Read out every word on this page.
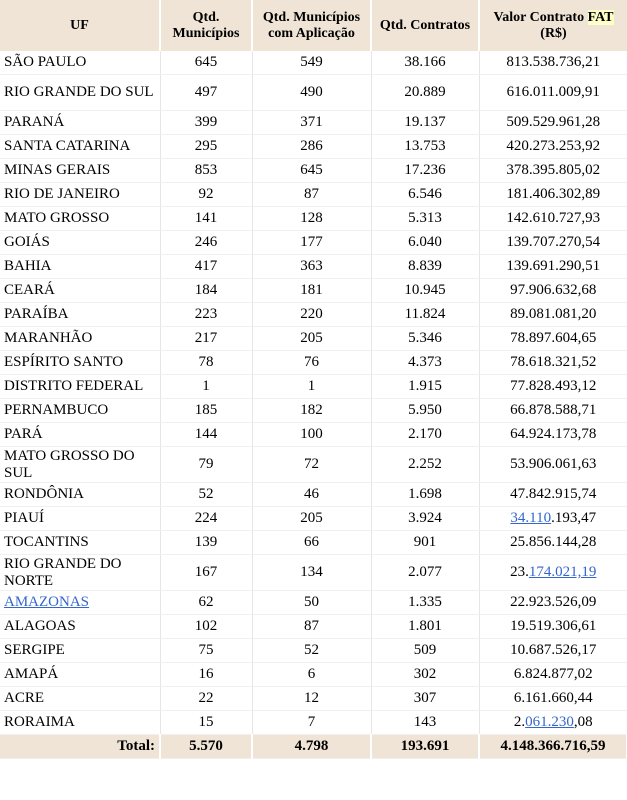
UF	Qtd. Municípios	Qtd. Municípios com Aplicação	Qtd. Contratos	Valor Contrato FAT
(R$)
SÃO PAULO	645	549	38.166	813.538.736,21
RIO GRANDE DO SUL	497	490	20.889	616.011.009,91
PARANÁ	399	371	19.137	509.529.961,28
SANTA CATARINA	295	286	13.753	420.273.253,92
MINAS GERAIS	853	645	17.236	378.395.805,02
RIO DE JANEIRO	92	87	6.546	181.406.302,89
MATO GROSSO	141	128	5.313	142.610.727,93
GOIÁS	246	177	6.040	139.707.270,54
BAHIA	417	363	8.839	139.691.290,51
CEARÁ	184	181	10.945	97.906.632,68
PARAÍBA	223	220	11.824	89.081.081,20
MARANHÃO	217	205	5.346	78.897.604,65
ESPÍRITO SANTO	78	76	4.373	78.618.321,52
DISTRITO FEDERAL	1	1	1.915	77.828.493,12
PERNAMBUCO	185	182	5.950	66.878.588,71
PARÁ	144	100	2.170	64.924.173,78
MATO GROSSO DO SUL	79	72	2.252	53.906.061,63
RONDÔNIA	52	46	1.698	47.842.915,74
PIAUÍ	224	205	3.924	34.110.193,47
TOCANTINS	139	66	901	25.856.144,28
RIO GRANDE DO NORTE	167	134	2.077	23.174.021,19
AMAZONAS	62	50	1.335	22.923.526,09
ALAGOAS	102	87	1.801	19.519.306,61
SERGIPE	75	52	509	10.687.526,17
AMAPÁ	16	6	302	6.824.877,02
ACRE	22	12	307	6.161.660,44
RORAIMA	15	7	143	2.061.230,08
Total:	5.570	4.798	193.691	4.148.366.716,59
